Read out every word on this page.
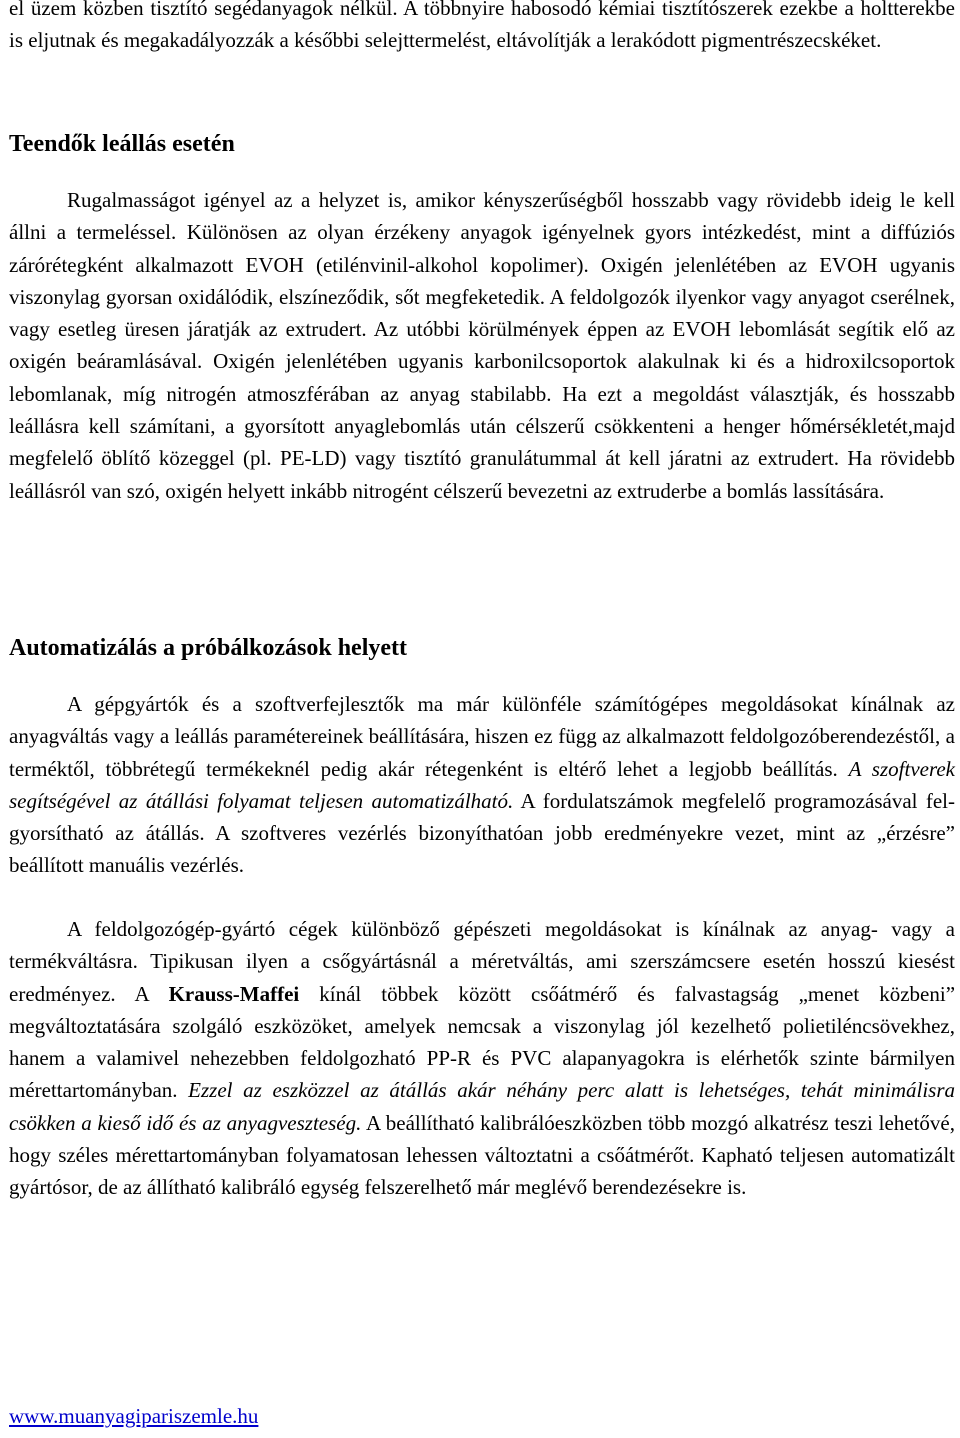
el üzem közben tisztító segédanyagok nélkül. A többnyire habosodó kémiai tisztítószerek ezekbe a holtterekbe is eljutnak és megakadályozzák a későbbi selejttermelést, eltávolítják a lerakódott pigmentrészecskéket.

Teendők leállás esetén

Rugalmasságot igényel az a helyzet is, amikor kényszerűségből hosszabb vagy rövidebb ideig le kell állni a termeléssel. Különösen az olyan érzékeny anyagok igényelnek gyors intézkedést, mint a diffúziós zárórétegként alkalmazott EVOH (etilénvinil-alkohol kopolimer). Oxigén jelenlétében az EVOH ugyanis viszonylag gyorsan oxidálódik, elszíneződik, sőt megfeketedik. A feldolgozók ilyenkor vagy anyagot cserélnek, vagy esetleg üresen járatják az extrudert. Az utóbbi körülmények éppen az EVOH lebomlását segítik elő az oxigén beáramlásával. Oxigén jelenlétében ugyanis karbonilcsoportok alakulnak ki és a hidroxilcsoportok lebomlanak, míg nitrogén atmoszférában az anyag stabilabb. Ha ezt a megoldást választják, és hosszabb leállásra kell számítani, a gyorsított anyaglebomlás után célszerű csökkenteni a henger hőmérsékletét,majd megfelelő öblítő közeggel (pl. PE-LD) vagy tisztító granulátummal át kell járatni az extrudert. Ha rövidebb leállásról van szó, oxigén helyett inkább nitrogént célszerű bevezetni az extruderbe a bomlás lassítására.

Automatizálás a próbálkozások helyett

A gépgyártók és a szoftverfejlesztők ma már különféle számítógépes megoldásokat kínálnak az anyagváltás vagy a leállás paramétereinek beállítására, hiszen ez függ az alkalmazott feldolgozóberendezéstől, a terméktől, többrétegű termékeknél pedig akár rétegenként is eltérő lehet a legjobb beállítás. A szoftverek segítségével az átállási folyamat teljesen automatizálható. A fordulatszámok megfelelő programozásával felgyorsítható az átállás. A szoftveres vezérlés bizonyíthatóan jobb eredményekre vezet, mint az „érzésre” beállított manuális vezérlés.

A feldolgozógép-gyártó cégek különböző gépészeti megoldásokat is kínálnak az anyag- vagy a termékváltásra. Tipikusan ilyen a csőgyártásnál a méretváltás, ami szerszámcsere esetén hosszú kiesést eredményez. A Krauss-Maffei kínál többek között csőátmérő és falvastagság „menet közbeni” megváltoztatására szolgáló eszközöket, amelyek nemcsak a viszonylag jól kezelhető polietiléncsövekhez, hanem a valamivel nehezebben feldolgozható PP-R és PVC alapanyagokra is elérhetők szinte bármilyen mérettartományban. Ezzel az eszközzel az átállás akár néhány perc alatt is lehetséges, tehát minimálisra csökken a kieső idő és az anyagveszteség. A beállítható kalibrálóeszközben több mozgó alkatrész teszi lehetővé, hogy széles mérettartományban folyamatosan lehessen változtatni a csőátmérőt. Kapható teljesen automatizált gyártósor, de az állítható kalibráló egység felszerelhető már meglévő berendezésekre is.

www.muanyagipariszemle.hu
